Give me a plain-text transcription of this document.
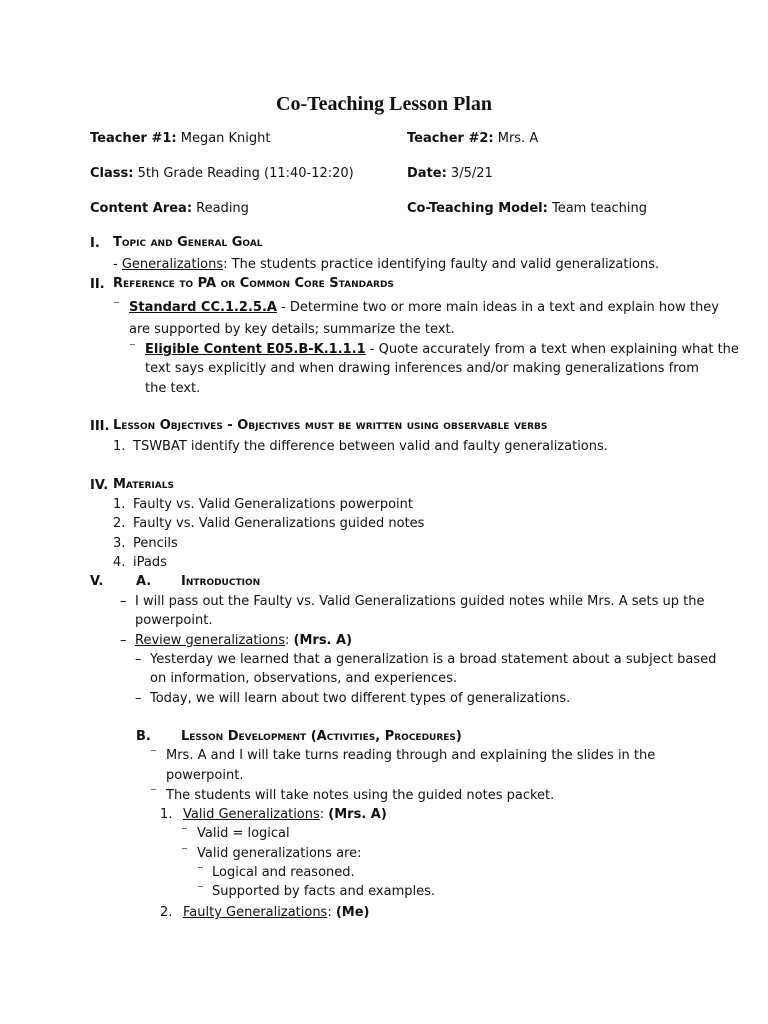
Co-Teaching Lesson Plan
Teacher #1: Megan Knight	Teacher #2: Mrs. A
Class: 5th Grade Reading (11:40-12:20)	Date: 3/5/21
Content Area: Reading	Co-Teaching Model: Team teaching
I. Topic and General Goal
- Generalizations: The students practice identifying faulty and valid generalizations.
II. Reference to PA or Common Core Standards
⁻ Standard CC.1.2.5.A - Determine two or more main ideas in a text and explain how they
are supported by key details; summarize the text.
⁻ Eligible Content E05.B-K.1.1.1 - Quote accurately from a text when explaining what the
text says explicitly and when drawing inferences and/or making generalizations from
the text.
III. Lesson Objectives - Objectives must be written using observable verbs
1. TSWBAT identify the difference between valid and faulty generalizations.
IV. Materials
1. Faulty vs. Valid Generalizations powerpoint
2. Faulty vs. Valid Generalizations guided notes
3. Pencils
4. iPads
V.	A. Introduction
– I will pass out the Faulty vs. Valid Generalizations guided notes while Mrs. A sets up the
powerpoint.
– Review generalizations: (Mrs. A)
– Yesterday we learned that a generalization is a broad statement about a subject based
on information, observations, and experiences.
– Today, we will learn about two different types of generalizations.
B. Lesson Development (Activities, Procedures)
⁻ Mrs. A and I will take turns reading through and explaining the slides in the
powerpoint.
⁻ The students will take notes using the guided notes packet.
1. Valid Generalizations: (Mrs. A)
⁻ Valid = logical
⁻ Valid generalizations are:
⁻ Logical and reasoned.
⁻ Supported by facts and examples.
2. Faulty Generalizations: (Me)
